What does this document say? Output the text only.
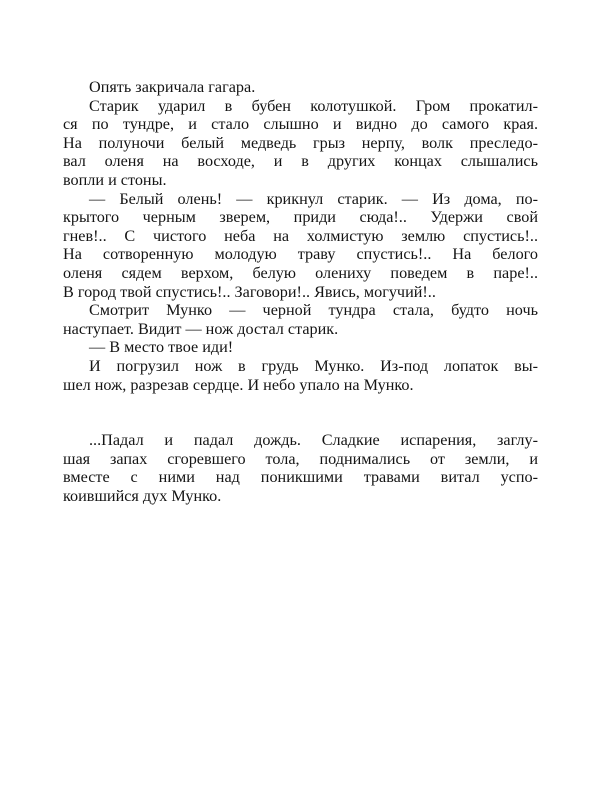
Опять закричала гагара.
Старик ударил в бубен колотушкой. Гром прокатил-
ся по тундре, и стало слышно и видно до самого края.
На полуночи белый медведь грыз нерпу, волк преследо-
вал оленя на восходе, и в других концах слышались
вопли и стоны.
— Белый олень! — крикнул старик. — Из дома, по-
крытого черным зверем, приди сюда!.. Удержи свой
гнев!.. С чистого неба на холмистую землю спустись!..
На сотворенную молодую траву спустись!.. На белого
оленя сядем верхом, белую олениху поведем в паре!..
В город твой спустись!.. Заговори!.. Явись, могучий!..
Смотрит Мунко — черной тундра стала, будто ночь
наступает. Видит — нож достал старик.
— В место твое иди!
И погрузил нож в грудь Мунко. Из-под лопаток вы-
шел нож, разрезав сердце. И небо упало на Мунко.
...Падал и падал дождь. Сладкие испарения, заглу-
шая запах сгоревшего тола, поднимались от земли, и
вместе с ними над поникшими травами витал успо-
коившийся дух Мунко.
